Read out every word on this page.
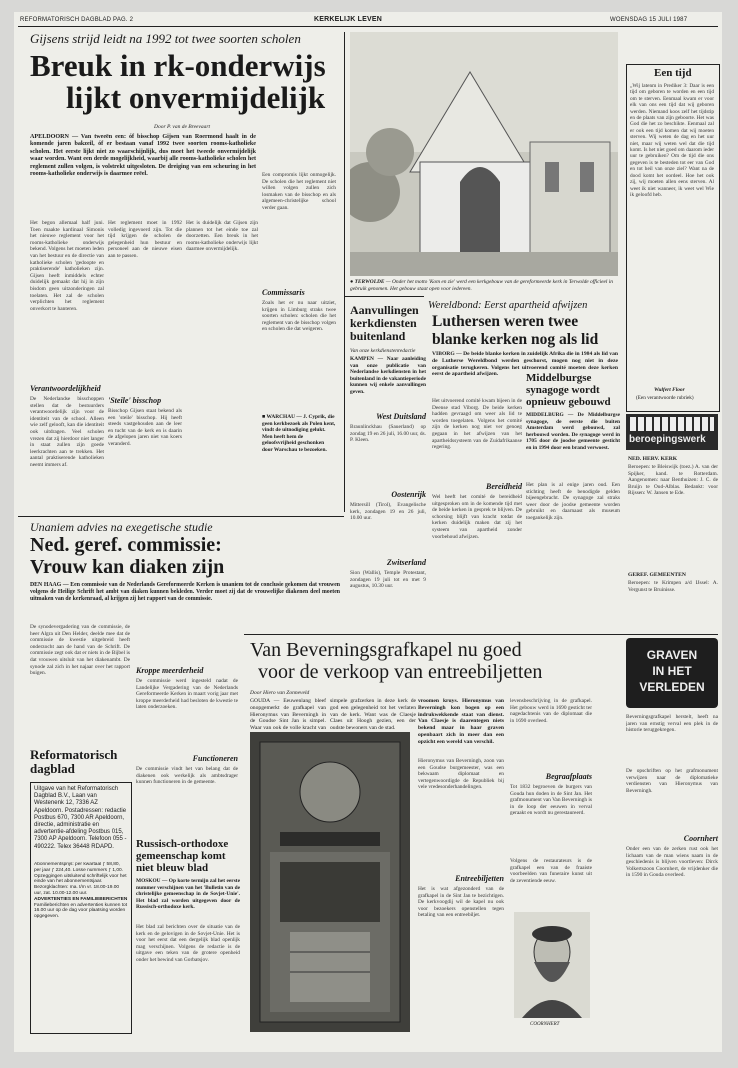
REFORMATORISCH DAGBLAD PAG. 2	KERKELIJK LEVEN	WOENSDAG 15 JULI 1987
Gijsens strijd leidt na 1992 tot twee soorten scholen
Breuk in rk-onderwijs
lijkt onvermijdelijk
Door P. van de Breevaart
APELDOORN — Van tweeën een: óf bisschop Gijsen van Roermond haalt in de komende jaren bakzeil, óf er bestaan vanaf 1992 twee soorten rooms-katholieke scholen. Het eerste lijkt niet zo waarschijnlijk, dus moet het tweede onvermijdelijk waar worden. Want een derde mogelijkheid, waarbij alle rooms-katholieke scholen het reglement zullen volgen, is volstrekt uitgesloten. De dreiging van een scheuring in het rooms-katholieke onderwijs is daarmee reëel.
Het begon allemaal half juni. Toen maakte kardinaal Simonis het nieuwe reglement voor het rooms-katholieke onderwijs bekend. Volgens het moeten leden van het bestuur en de directie van katholieke scholen 'gedoopte en praktiserende' katholieken zijn. Gijsen heeft inmiddels echter duidelijk gemaakt dat hij in zijn bisdom geen uitzonderingen zal toelaten. Het zal de scholen verplichten het reglement onverkort te hanteren.
Verantwoordelijkheid
De Nederlandse bisschoppen stellen dat de bestuurders verantwoordelijk zijn voor de identiteit van de school. Alleen wie zelf gelooft, kan die identiteit ook uitdragen. Veel scholen vrezen dat zij hierdoor niet langer in staat zullen zijn goede leerkrachten aan te trekken. Het aantal praktiserende katholieken neemt immers af.
Het reglement moet in 1992 volledig ingevoerd zijn. Tot die tijd krijgen de scholen de gelegenheid hun bestuur en personeel aan de nieuwe eisen aan te passen.
'Steile' bisschop
Bisschop Gijsen staat bekend als een 'steile' bisschop. Hij heeft steeds vastgehouden aan de leer en tucht van de kerk en is daarin de afgelopen jaren niet van koers veranderd.
Een compromis lijkt onmogelijk. De scholen die het reglement niet willen volgen zullen zich losmaken van de bisschop en als algemeen-christelijke school verder gaan.
Commissaris
Zoals het er nu naar uitziet, krijgen in Limburg straks twee soorten scholen: scholen die het reglement van de bisschop volgen en scholen die dat weigeren.
Het is duidelijk dat Gijsen zijn plannen tot het einde toe zal doorzetten. Een breuk in het rooms-katholieke onderwijs lijkt daarmee onvermijdelijk.
■ WARCHAU — J. Cyprik, die geen kerkbezoek als Polen kent, vindt de uitnodiging gelukt. Men heeft hem de geloofsvrijheid geschonken door Warschau te bezoeken.
● TERWOLDE — Onder het motto 'Kom en zie' werd een kerkgebouw van de gereformeerde kerk in Terwolde officieel in gebruik genomen. Het gebouw staat open voor iedereen.
Wereldbond: Eerst apartheid afwijzen
Luthersen weren twee
blanke kerken nog als lid
VIBORG — De beide blanke kerken in zuidelijk Afrika die in 1984 als lid van de Lutherse Wereldbond werden geschorst, mogen nog niet in deze organisatie terugkeren. Volgens het uitvoerend comité moeten deze kerken eerst de apartheid afwijzen.
Het uitvoerend comité kwam bijeen in de Deense stad Viborg. De beide kerken hadden gevraagd om weer als lid te worden toegelaten. Volgens het comité zijn de kerken nog niet ver genoeg gegaan in het afwijzen van het apartheidssysteem van de Zuidafrikaanse regering.
Bereidheid
Wel heeft het comité de bereidheid uitgesproken om in de komende tijd met de beide kerken in gesprek te blijven. De schorsing blijft van kracht totdat de kerken duidelijk maken dat zij het systeem van apartheid zonder voorbehoud afwijzen.
Middelburgse synagoge wordt opnieuw gebouwd
MIDDELBURG — De Middelburgse synagoge, de eerste die buiten Amsterdam werd gebouwd, zal herbouwd worden. De synagoge werd in 1705 door de joodse gemeente gesticht en in 1994 door een brand verwoest.
Het plan is al enige jaren oud. Een stichting heeft de benodigde gelden bijeengebracht. De synagoge zal straks weer door de joodse gemeente worden gebruikt en daarnaast als museum toegankelijk zijn.
Aanvullingen kerkdiensten buitenland
Van onze kerkdienstenredactie
KAMPEN — Naar aanleiding van onze publicatie van Nederlandse kerkdiensten in het buitenland in de vakantieperiode kunnen wij enkele aanvullingen geven.
West Duitsland
Braunlinckhau (Sauerland) op zondag 19 en 26 juli, 16.00 uur, ds. P. Kleen.
Oostenrijk
Mittersill (Tirol), Evangelische kerk, zondagen 19 en 26 juli, 10.00 uur.
Zwitserland
Sion (Wallis), Temple Protestant, zondagen 19 juli tot en met 9 augustus, 10.30 uur.
Een tijd
„Wij latenm in Prediker 3: Daar is een tijd om geboren te worden en een tijd om te sterven. Eenmaal kwam er voor elk van ons een tijd dat wij geboren werden. Niemand koos zelf het tijdstip en de plaats van zijn geboorte. Het was God die het zo beschikte. Eenmaal zal er ook een tijd komen dat wij moeten sterven. Wij weten de dag en het uur niet, maar wij weten wel dat die tijd komt. Is het niet goed om daarom ieder uur te gebruiken? Om de tijd die ons gegeven is te besteden tot eer van God en tot heil van onze ziel? Want na de dood komt het oordeel. Hoe het ook zij, wij moeten allen eens sterven. Al weet ik niet wanneer, ik weet wel Wie ik geloofd heb.
Wulfert Floor
(Een verantwoorde rubriek)
beroepingswerk
NED. HERV. KERK
Beroepen: te Bleiswijk (toez.) A. van der Spijker, kand. te Rotterdam. Aangenomen: naar Benthuizen: J. C. de Bruijn te Oud-Alblas. Bedankt: voor Rijssen: W. Jansen te Ede.
GEREF. GEMEENTEN
Beroepen: te Krimpen a/d IJssel: A. Vergunst te Bruinisse.
Unaniem advies na exegetische studie
Ned. geref. commissie:
Vrouw kan diaken zijn
DEN HAAG — Een commissie van de Nederlands Gereformeerde Kerken is unaniem tot de conclusie gekomen dat vrouwen volgens de Heilige Schrift het ambt van diaken kunnen bekleden. Verder moet zij dat de vrouwelijke diakenen deel moeten uitmaken van de kerkenraad, al krijgen zij het rapport van de commissie.
De synodevergadering van de commissie, de heer Algra uit Den Helder, deelde mee dat de commissie de kwestie uitgebreid heeft onderzocht aan de hand van de Schrift. De commissie zegt ook dat er niets in de Bijbel is dat vrouwen uitsluit van het diakenambt. De synode zal zich in het najaar over het rapport buigen.	Kroppe meerderheid
De commissie werd ingesteld nadat de Landelijke Vergadering van de Nederlands Gereformeerde Kerken in maart vorig jaar met kroppe meerderheid had besloten de kwestie te laten onderzoeken.
Functioneren
De commissie vindt het van belang dat de diakenen ook werkelijk als ambtsdrager kunnen functioneren in de gemeente.
Reformatorisch
dagblad
Uitgave van het Reformatorisch Dagblad B.V., Laan van Westenenk 12, 7336 AZ Apeldoorn. Postadressen: redactie Postbus 670, 7300 AR Apeldoorn, directie, administratie en advertentie-afdeling Postbus 015, 7300 AP Apeldoorn. Telefoon 055 - 490222. Telex 36448 RDAPD.
Abonnementsprijs: per kwartaal ƒ 58,80, per jaar ƒ 224,40. Losse nummers ƒ 1,00. Opzeggingen uitsluitend schriftelijk voor het einde van het abonnementsjaar.
Bezorgklachten: ma. t/m vr. 18.00-19.00 uur, zat. 10.00-12.00 uur.
ADVERTENTIES EN FAMILIEBERICHTEN
Familieberichten en advertenties kunnen tot 16.00 uur op de dag voor plaatsing worden opgegeven.
Russisch-orthodoxe gemeenschap komt niet bleuw blad
MOSKOU — Op korte termijn zal het eerste nummer verschijnen van het 'Bulletin van de christelijke gemeenschap in de Sovjet-Unie'. Het blad zal worden uitgegeven door de Russisch-orthodoxe kerk.
Het blad zal berichten over de situatie van de kerk en de gelovigen in de Sovjet-Unie. Het is voor het eerst dat een dergelijk blad openlijk mag verschijnen. Volgens de redactie is de uitgave een teken van de grotere openheid onder het bewind van Gorbatsjov.
Van Beverningsgrafkapel nu goed
voor de verkoop van entreebiljetten
Door Hiero van Zonneveld
GOUDA — Eeuwenlang bleef onopgemerkt de grafkapel van Hieronymus van Beverningh in de Goudse Sint Jan is simpel. Waar van ook de volle kracht van
simpele grafzerken in deze kerk de god een gelegenheid tot het verlaten van de kerk. Want was de Claesje Claes uit Hoogh gezien, een der oudste bewoners van de stad.
vroomen kruys. Hieronymus van Beverningh kon bogen op een indrukwekkende staat van dienst. Van Claesje is daarentegen niets bekend maar in haar graven openbaart zich in meer dan een opzicht een wereld van verschil.
Hieronymus van Beverningh, zoon van een Goudse burgemeester, was een bekwaam diplomaat en vertegenwoordigde de Republiek bij vele vredesonderhandelingen.
Entreebiljetten
Het is wat afgezonderd van de grafkapel in de Sint Jan te bezichtigen. De kerkvoogdij wil de kapel nu ook voor bezoekers openstellen tegen betaling van een entreebiljet.
levensbeschrijving in de grafkapel. Het gebouw werd in 1690 gesticht ter nagedachtenis van de diplomaat die in 1690 overleed.
Begraafplaats
Tot 1832 begroeven de burgers van Gouda hun doden in de Sint Jan. Het grafmonument van Van Beverningh is in de loop der eeuwen in verval geraakt en wordt nu gerestaureerd.
Volgens de restaurateurs is de grafkapel een van de fraaiste voorbeelden van funeraire kunst uit de zeventiende eeuw.
COORNHERT
GRAVEN
IN HET
VERLEDEN
Beverningsgrafkapel herstelt, heeft na jaren van ernstig verval een plek in de historie teruggekregen.
De opschriften op het grafmonument verwijzen naar de diplomatieke verdiensten van Hieronymus van Beverningh.
Coornhert
Onder een van de zerken rust ook het lichaam van de man wiens naam in de geschiedenis is blijven voortleven: Dirck Volkertszoon Coornhert, de vrijdenker die in 1590 in Gouda overleed.
